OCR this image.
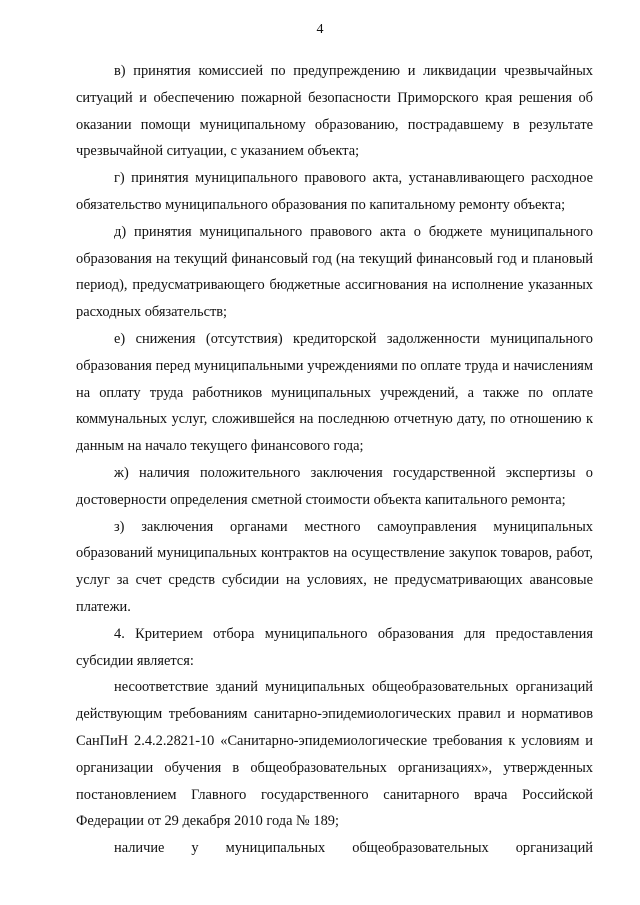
4

в) принятия комиссией по предупреждению и ликвидации чрезвычайных ситуаций и обеспечению пожарной безопасности Приморского края решения об оказании помощи муниципальному образованию, пострадавшему в результате чрезвычайной ситуации, с указанием объекта;

г) принятия муниципального правового акта, устанавливающего расходное обязательство муниципального образования по капитальному ремонту объекта;

д) принятия муниципального правового акта о бюджете муниципального образования на текущий финансовый год (на текущий финансовый год и плановый период), предусматривающего бюджетные ассигнования на исполнение указанных расходных обязательств;

е) снижения (отсутствия) кредиторской задолженности муниципального образования перед муниципальными учреждениями по оплате труда и начислениям на оплату труда работников муниципальных учреждений, а также по оплате коммунальных услуг, сложившейся на последнюю отчетную дату, по отношению к данным на начало текущего финансового года;

ж) наличия положительного заключения государственной экспертизы о достоверности определения сметной стоимости объекта капитального ремонта;

з) заключения органами местного самоуправления муниципальных образований муниципальных контрактов на осуществление закупок товаров, работ, услуг за счет средств субсидии на условиях, не предусматривающих авансовые платежи.

4. Критерием отбора муниципального образования для предоставления субсидии является:

несоответствие зданий муниципальных общеобразовательных организаций действующим требованиям санитарно-эпидемиологических правил и нормативов СанПиН 2.4.2.2821-10 «Санитарно-эпидемиологические требования к условиям и организации обучения в общеобразовательных организациях», утвержденных постановлением Главного государственного санитарного врача Российской Федерации от 29 декабря 2010 года № 189;

наличие у муниципальных общеобразовательных организаций
